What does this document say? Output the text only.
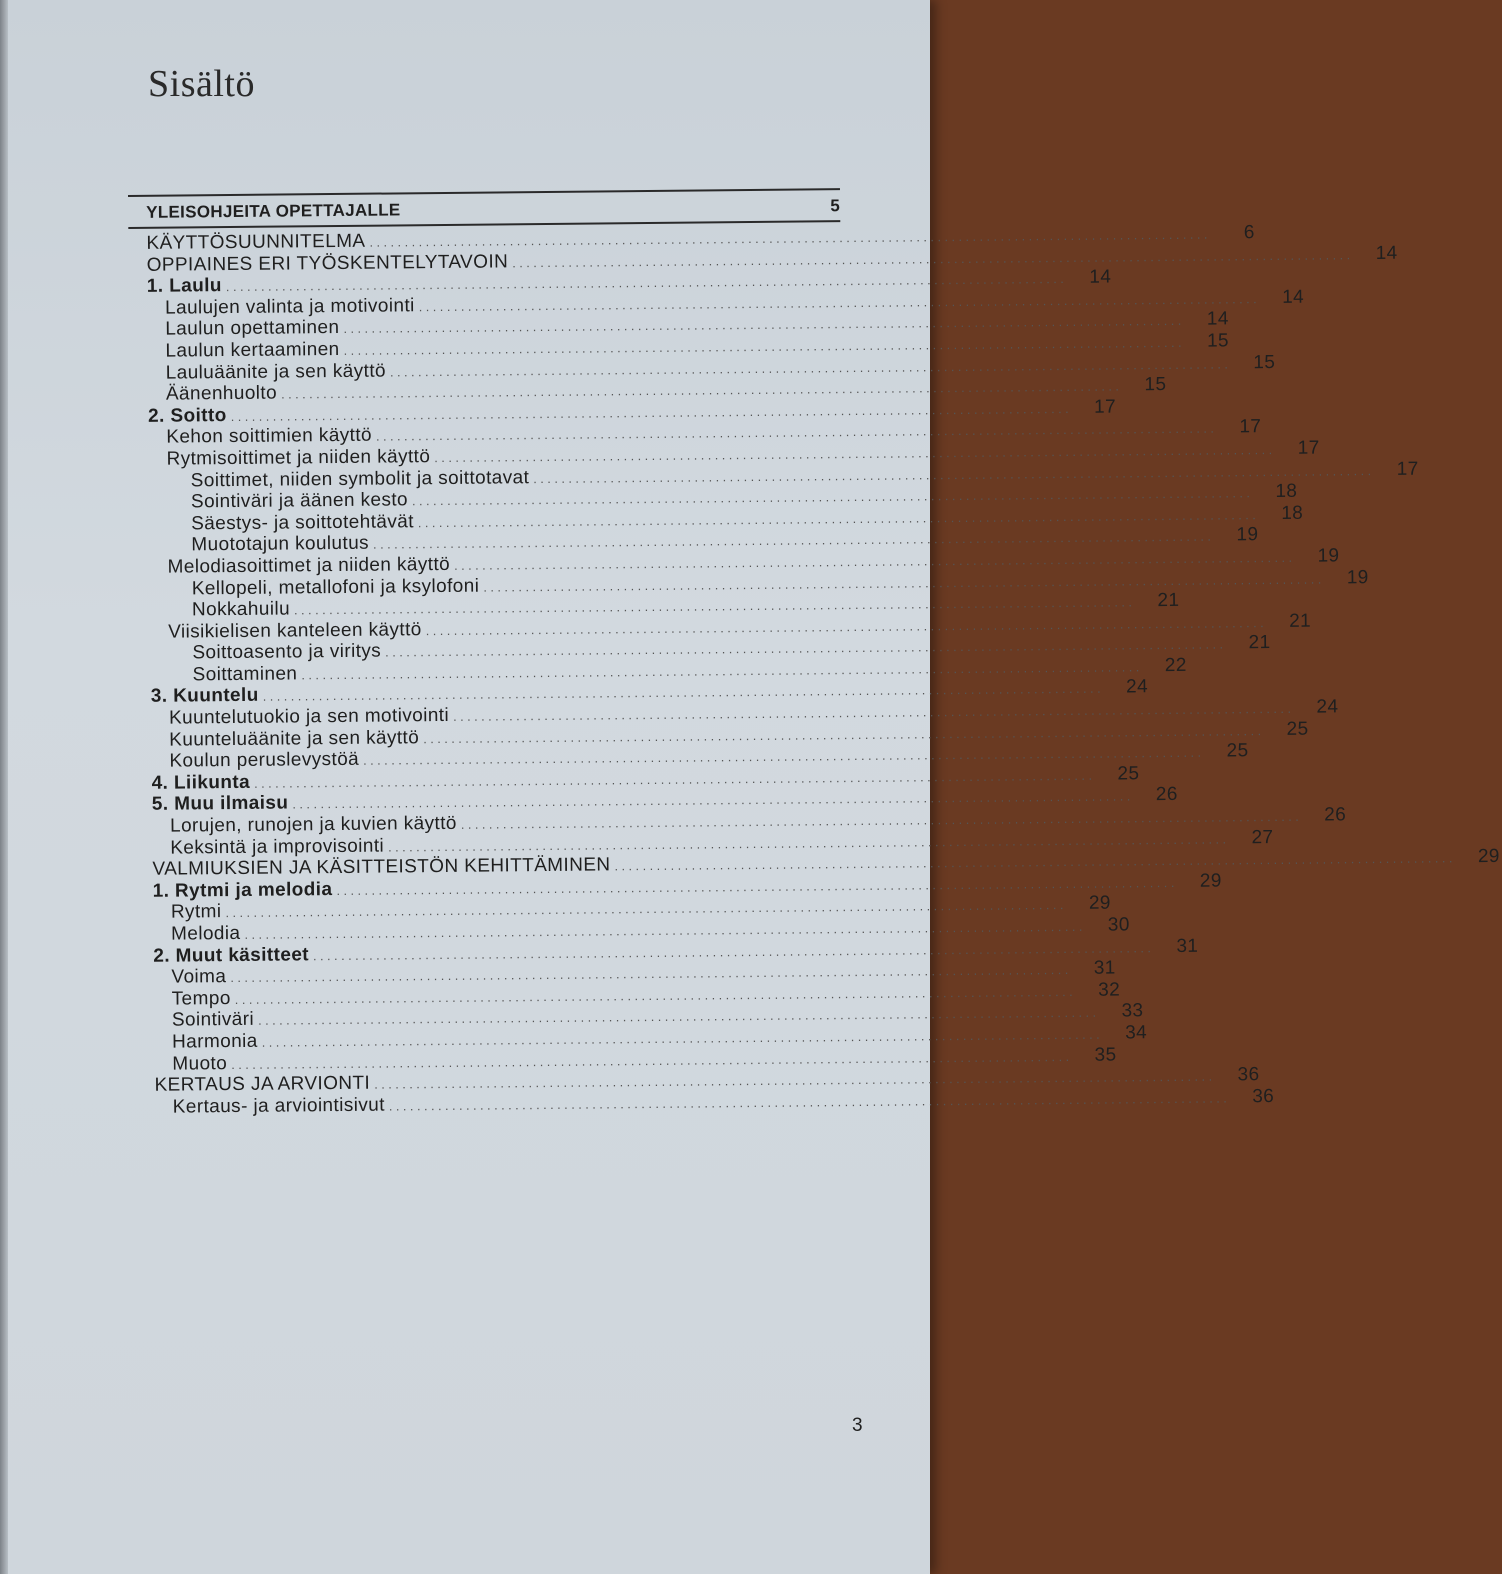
Sisältö
YLEISOHJEITA OPETTAJALLE	5
KÄYTTÖSUUNNITELMA ........................................................................................................................	6
OPPIAINES ERI TYÖSKENTELYTAVOIN ........................................................................................................................	14
1. Laulu ........................................................................................................................	14
Laulujen valinta ja motivointi ........................................................................................................................	14
Laulun opettaminen ........................................................................................................................	14
Laulun kertaaminen ........................................................................................................................	15
Lauluäänite ja sen käyttö ........................................................................................................................	15
Äänenhuolto ........................................................................................................................	15
2. Soitto ........................................................................................................................	17
Kehon soittimien käyttö ........................................................................................................................	17
Rytmisoittimet ja niiden käyttö ........................................................................................................................	17
Soittimet, niiden symbolit ja soittotavat ........................................................................................................................	17
Sointiväri ja äänen kesto ........................................................................................................................	18
Säestys- ja soittotehtävät ........................................................................................................................	18
Muototajun koulutus ........................................................................................................................	19
Melodiasoittimet ja niiden käyttö ........................................................................................................................	19
Kellopeli, metallofoni ja ksylofoni ........................................................................................................................	19
Nokkahuilu ........................................................................................................................	21
Viisikielisen kanteleen käyttö ........................................................................................................................	21
Soittoasento ja viritys ........................................................................................................................	21
Soittaminen ........................................................................................................................	22
3. Kuuntelu ........................................................................................................................	24
Kuuntelutuokio ja sen motivointi ........................................................................................................................	24
Kuunteluäänite ja sen käyttö ........................................................................................................................	25
Koulun peruslevystöä ........................................................................................................................	25
4. Liikunta ........................................................................................................................	25
5. Muu ilmaisu ........................................................................................................................	26
Lorujen, runojen ja kuvien käyttö ........................................................................................................................	26
Keksintä ja improvisointi ........................................................................................................................	27
VALMIUKSIEN JA KÄSITTEISTÖN KEHITTÄMINEN ........................................................................................................................	29
1. Rytmi ja melodia ........................................................................................................................	29
Rytmi ........................................................................................................................	29
Melodia ........................................................................................................................	30
2. Muut käsitteet ........................................................................................................................	31
Voima ........................................................................................................................	31
Tempo ........................................................................................................................	32
Sointiväri ........................................................................................................................	33
Harmonia ........................................................................................................................	34
Muoto ........................................................................................................................	35
KERTAUS JA ARVIONTI ........................................................................................................................	36
Kertaus- ja arviointisivut ........................................................................................................................	36
3
